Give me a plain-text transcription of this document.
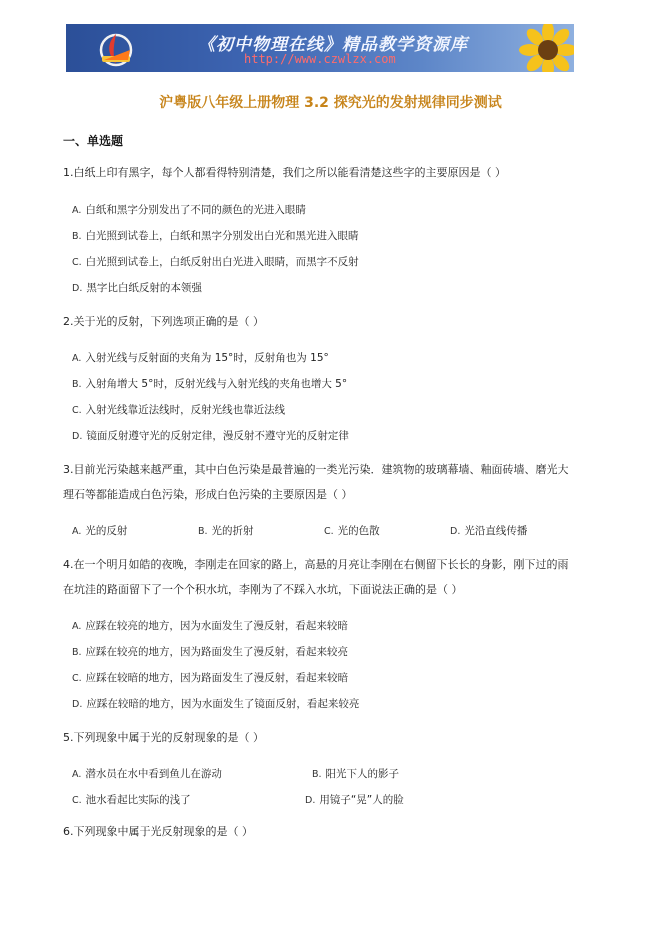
《初中物理在线》精品教学资源库
http://www.czwlzx.com
沪粤版八年级上册物理 3.2 探究光的发射规律同步测试
一、单选题
1.白纸上印有黑字，每个人都看得特别清楚，我们之所以能看清楚这些字的主要原因是（ ）
A. 白纸和黑字分别发出了不同的颜色的光进入眼睛
B. 白光照到试卷上，白纸和黑字分别发出白光和黑光进入眼睛
C. 白光照到试卷上，白纸反射出白光进入眼睛，而黑字不反射
D. 黑字比白纸反射的本领强
2.关于光的反射，下列选项正确的是（ ）
A. 入射光线与反射面的夹角为 15°时，反射角也为 15°
B. 入射角增大 5°时，反射光线与入射光线的夹角也增大 5°
C. 入射光线靠近法线时，反射光线也靠近法线
D. 镜面反射遵守光的反射定律，漫反射不遵守光的反射定律
3.目前光污染越来越严重，其中白色污染是最普遍的一类光污染．建筑物的玻璃幕墙、釉面砖墙、磨光大
理石等都能造成白色污染，形成白色污染的主要原因是（ ）
A. 光的反射	B. 光的折射	C. 光的色散	D. 光沿直线传播
4.在一个明月如皓的夜晚，李刚走在回家的路上，高悬的月亮让李刚在右侧留下长长的身影，刚下过的雨
在坑洼的路面留下了一个个积水坑，李刚为了不踩入水坑，下面说法正确的是（ ）
A. 应踩在较亮的地方，因为水面发生了漫反射，看起来较暗
B. 应踩在较亮的地方，因为路面发生了漫反射，看起来较亮
C. 应踩在较暗的地方，因为路面发生了漫反射，看起来较暗
D. 应踩在较暗的地方，因为水面发生了镜面反射，看起来较亮
5.下列现象中属于光的反射现象的是（ ）
A. 潜水员在水中看到鱼儿在游动	B. 阳光下人的影子
C. 池水看起比实际的浅了	D. 用镜子“晃”人的脸
6.下列现象中属于光反射现象的是（ ）
